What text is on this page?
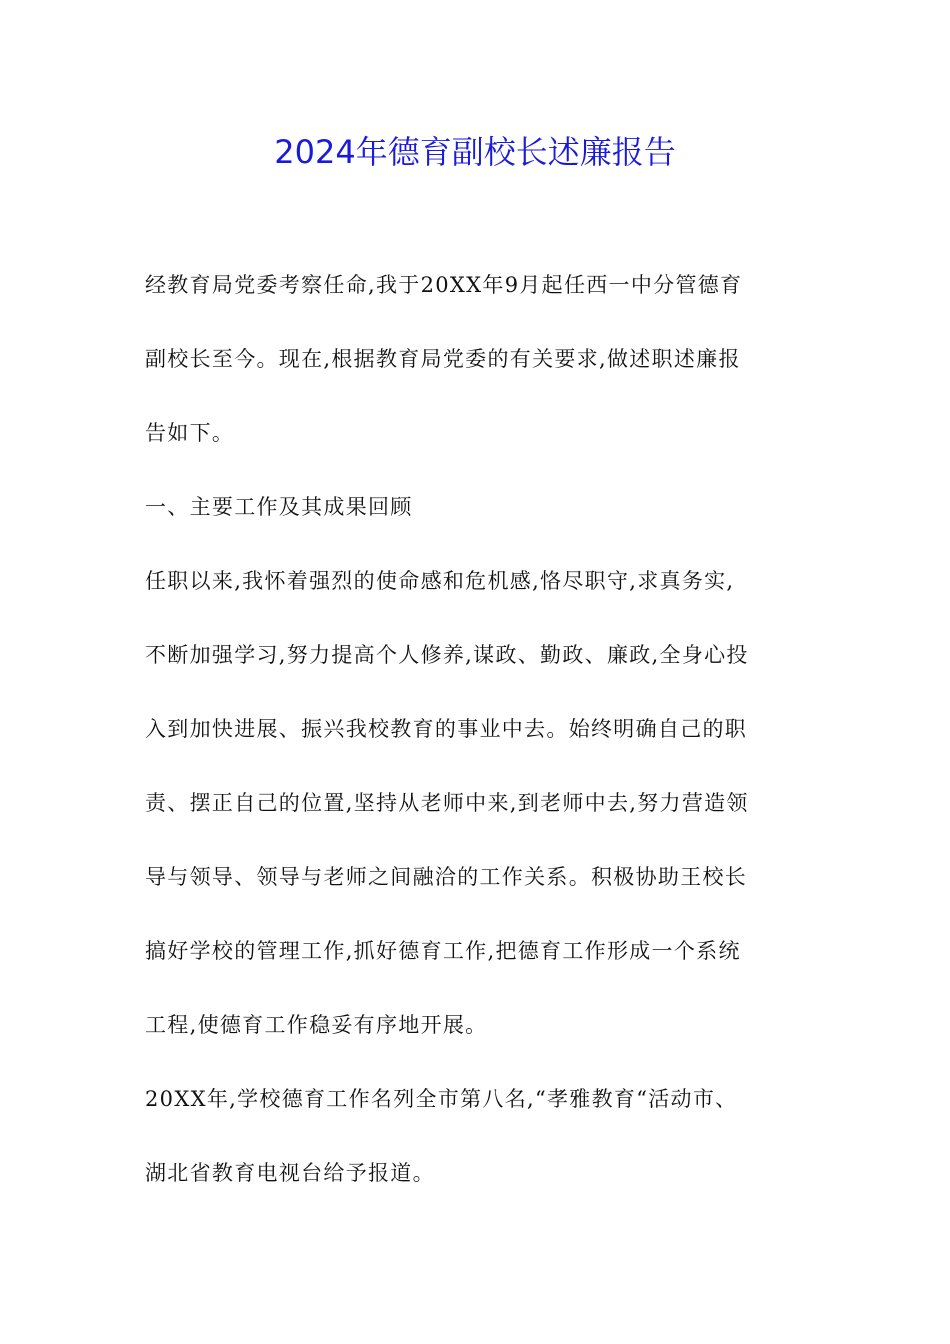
2024年德育副校长述廉报告

经教育局党委考察任命,我于20XX年9月起任西一中分管德育
副校长至今。现在,根据教育局党委的有关要求,做述职述廉报
告如下。

一、主要工作及其成果回顾

任职以来,我怀着强烈的使命感和危机感,恪尽职守,求真务实,
不断加强学习,努力提高个人修养,谋政、勤政、廉政,全身心投
入到加快进展、振兴我校教育的事业中去。始终明确自己的职
责、摆正自己的位置,坚持从老师中来,到老师中去,努力营造领
导与领导、领导与老师之间融洽的工作关系。积极协助王校长
搞好学校的管理工作,抓好德育工作,把德育工作形成一个系统
工程,使德育工作稳妥有序地开展。

20XX年,学校德育工作名列全市第八名,“孝雅教育“活动市、
湖北省教育电视台给予报道。
